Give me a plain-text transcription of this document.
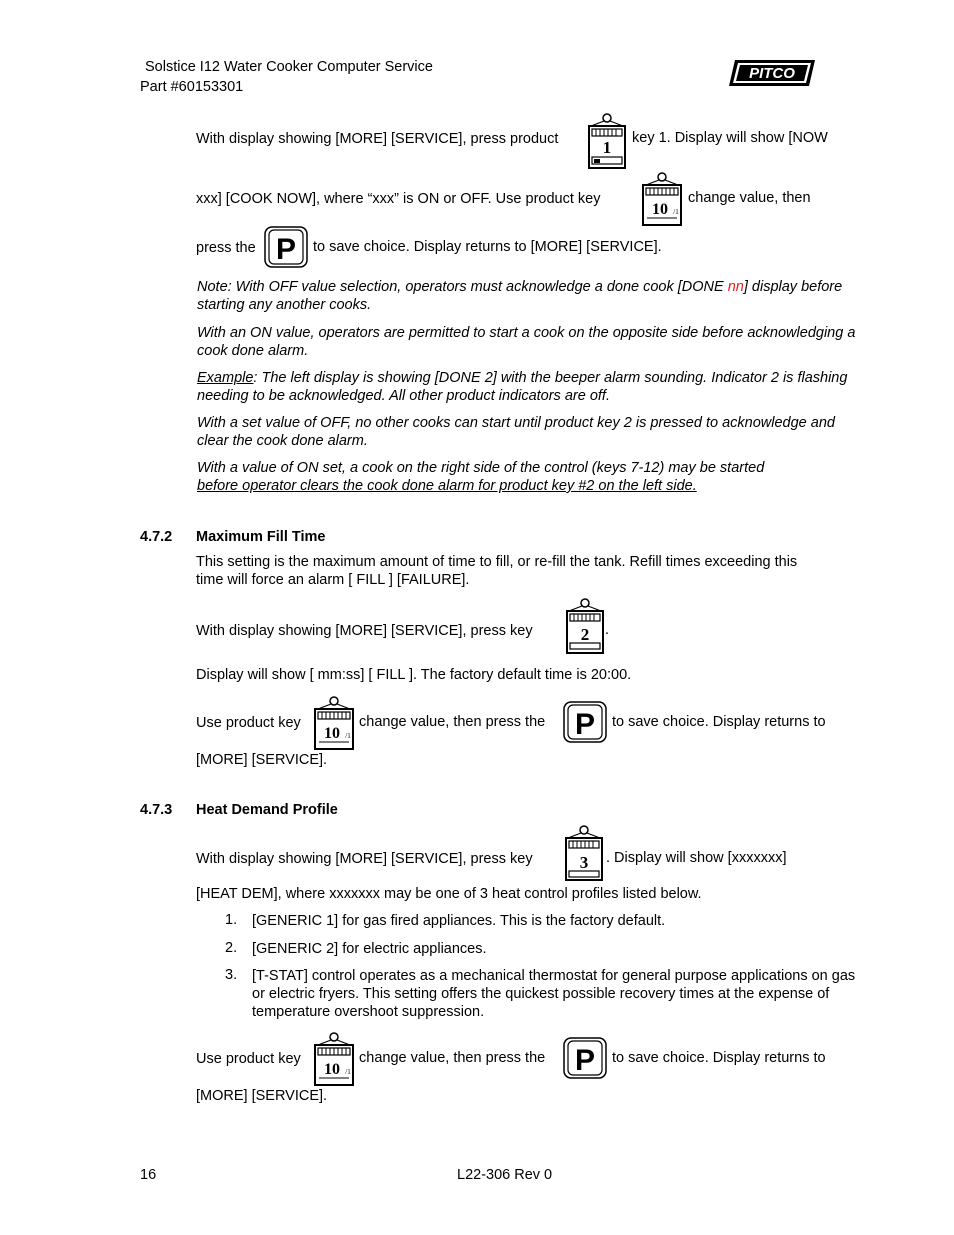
Solstice I12 Water Cooker Computer Service
Part #60153301
PITCO
With display showing [MORE] [SERVICE], press product	1 key 1. Display will show [NOW
xxx] [COOK NOW], where “xxx” is ON or OFF. Use product key
10 /1
change value, then
press the P to save choice. Display returns to [MORE] [SERVICE].
Note: With OFF value selection, operators must acknowledge a done cook [DONE nn] display before starting any another cooks.
With an ON value, operators are permitted to start a cook on the opposite side before acknowledging a cook done alarm.
Example: The left display is showing [DONE 2] with the beeper alarm sounding. Indicator 2 is flashing needing to be acknowledged. All other product indicators are off.
With a set value of OFF, no other cooks can start until product key 2 is pressed to acknowledge and clear the cook done alarm.
With a value of ON set, a cook on the right side of the control (keys 7-12) may be started
before operator clears the cook done alarm for product key #2 on the left side.
4.7.2 Maximum Fill Time
This setting is the maximum amount of time to fill, or re-fill the tank. Refill times exceeding this
time will force an alarm [ FILL ] [FAILURE].
With display showing [MORE] [SERVICE], press key	2 .
Display will show [ mm:ss] [ FILL ]. The factory default time is 20:00.
Use product key
10 /1
change value, then press the P to save choice. Display returns to
[MORE] [SERVICE].
4.7.3 Heat Demand Profile
With display showing [MORE] [SERVICE], press key	3 . Display will show [xxxxxxx]
[HEAT DEM], where xxxxxxx may be one of 3 heat control profiles listed below.
1. [GENERIC 1] for gas fired appliances. This is the factory default.
2. [GENERIC 2] for electric appliances.
3. [T-STAT] control operates as a mechanical thermostat for general purpose applications on gas or electric fryers. This setting offers the quickest possible recovery times at the expense of temperature overshoot suppression.
Use product key
10 /1
change value, then press the P to save choice. Display returns to
[MORE] [SERVICE].
16	L22-306 Rev 0
